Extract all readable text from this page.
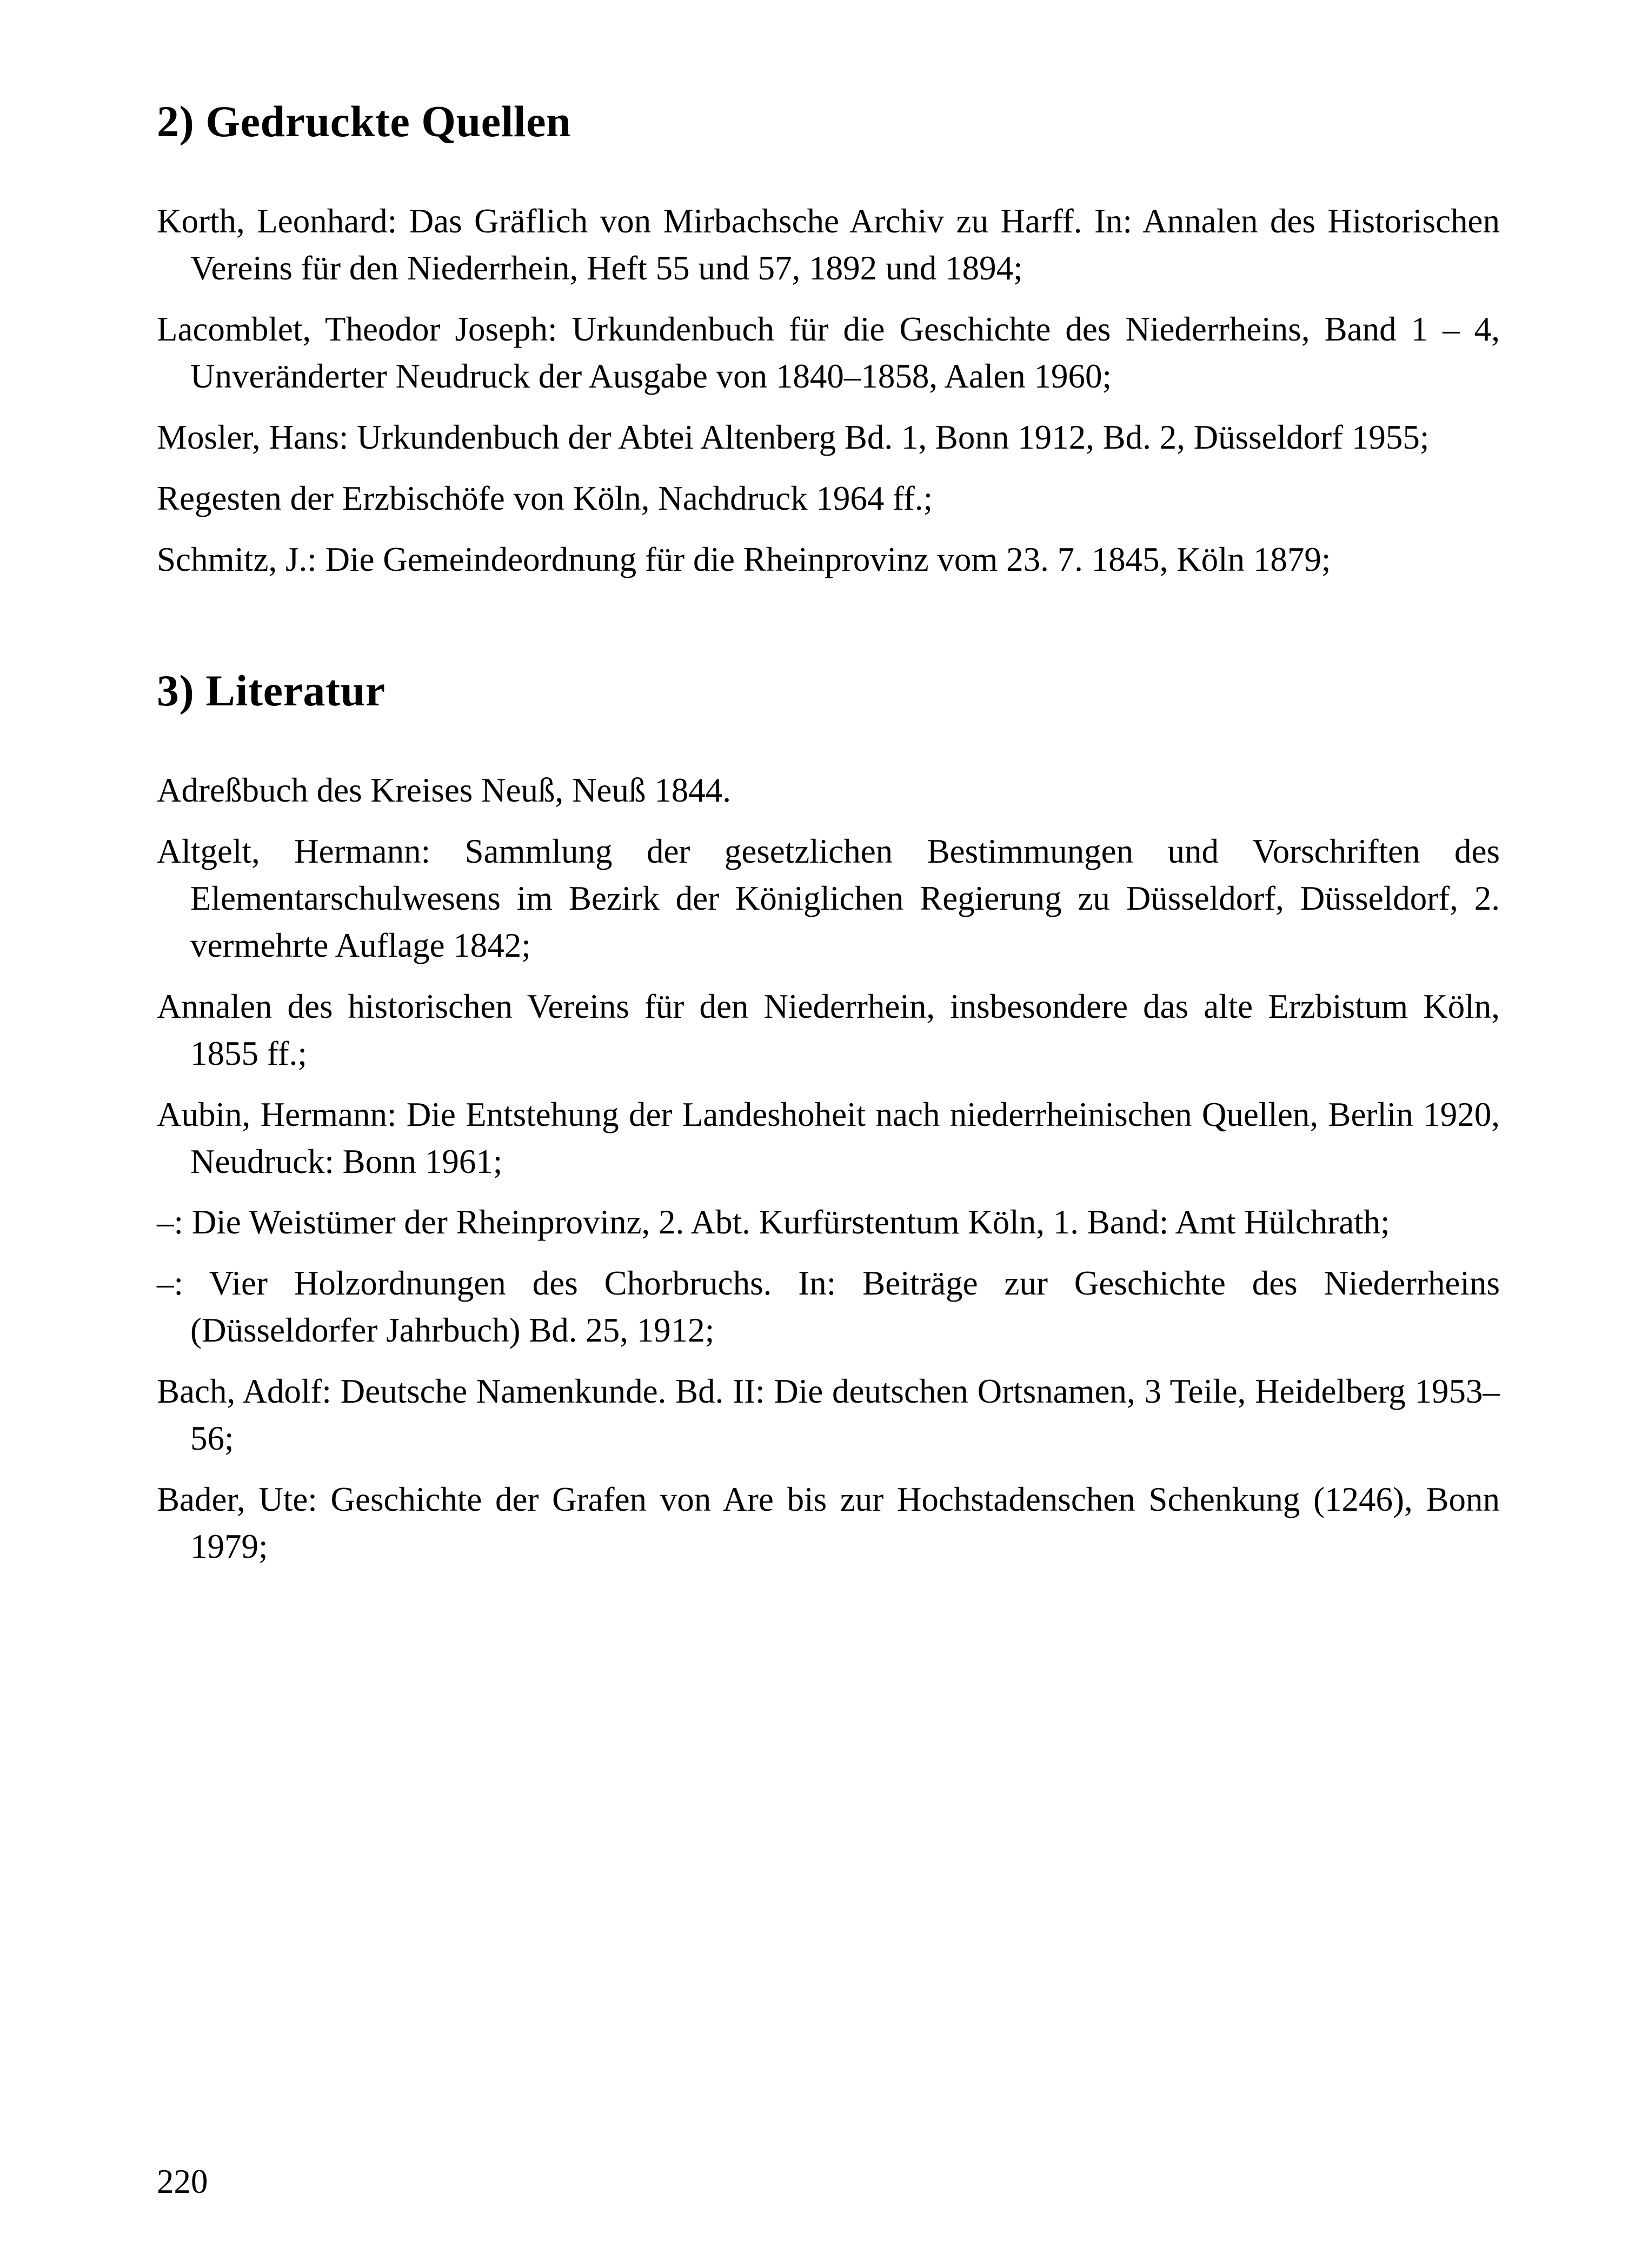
2) Gedruckte Quellen
Korth, Leonhard: Das Gräflich von Mirbachsche Archiv zu Harff. In: Annalen des Historischen Vereins für den Niederrhein, Heft 55 und 57, 1892 und 1894;
Lacomblet, Theodor Joseph: Urkundenbuch für die Geschichte des Niederrheins, Band 1 – 4, Unveränderter Neudruck der Ausgabe von 1840–1858, Aalen 1960;
Mosler, Hans: Urkundenbuch der Abtei Altenberg Bd. 1, Bonn 1912, Bd. 2, Düsseldorf 1955;
Regesten der Erzbischöfe von Köln, Nachdruck 1964 ff.;
Schmitz, J.: Die Gemeindeordnung für die Rheinprovinz vom 23. 7. 1845, Köln 1879;
3) Literatur
Adreßbuch des Kreises Neuß, Neuß 1844.
Altgelt, Hermann: Sammlung der gesetzlichen Bestimmungen und Vorschriften des Elementarschulwesens im Bezirk der Königlichen Regierung zu Düsseldorf, Düsseldorf, 2. vermehrte Auflage 1842;
Annalen des historischen Vereins für den Niederrhein, insbesondere das alte Erzbistum Köln, 1855 ff.;
Aubin, Hermann: Die Entstehung der Landeshoheit nach niederrheinischen Quellen, Berlin 1920, Neudruck: Bonn 1961;
–: Die Weistümer der Rheinprovinz, 2. Abt. Kurfürstentum Köln, 1. Band: Amt Hülchrath;
–: Vier Holzordnungen des Chorbruchs. In: Beiträge zur Geschichte des Niederrheins (Düsseldorfer Jahrbuch) Bd. 25, 1912;
Bach, Adolf: Deutsche Namenkunde. Bd. II: Die deutschen Ortsnamen, 3 Teile, Heidelberg 1953–56;
Bader, Ute: Geschichte der Grafen von Are bis zur Hochstadenschen Schenkung (1246), Bonn 1979;
220
